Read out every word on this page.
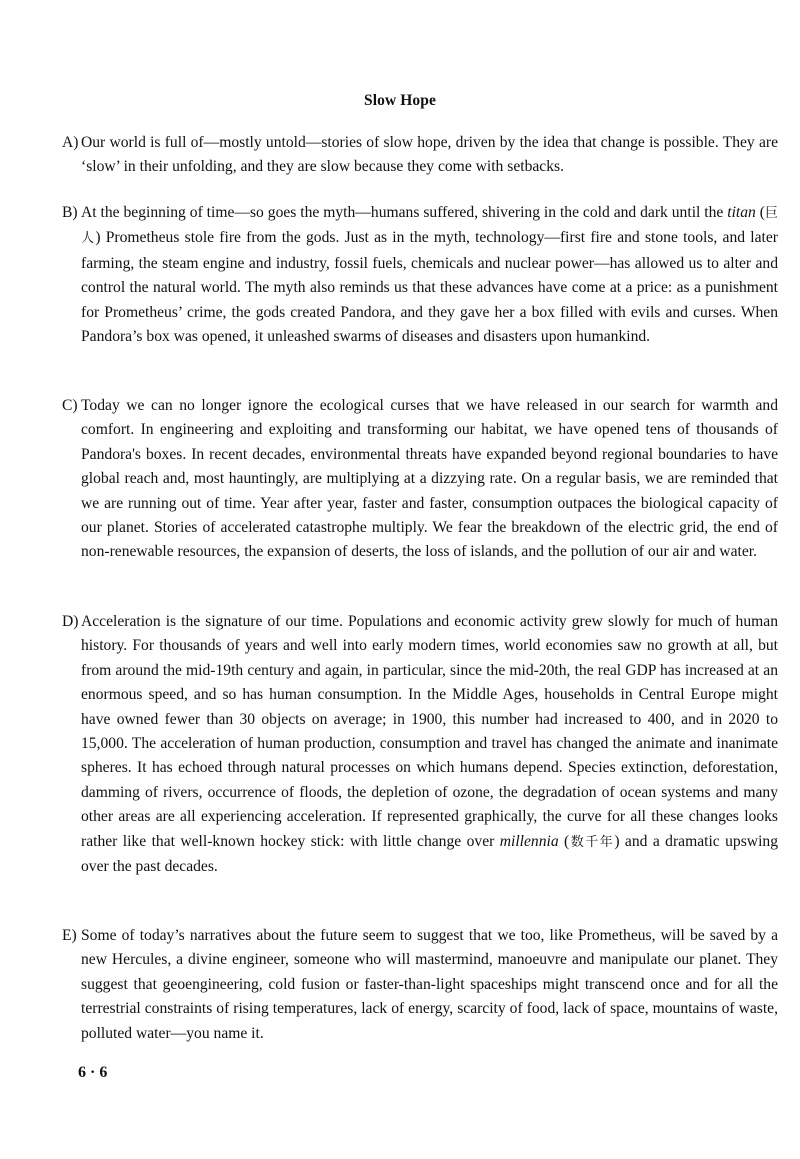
Slow Hope
A) Our world is full of—mostly untold—stories of slow hope, driven by the idea that change is possible. They are ‘slow’ in their unfolding, and they are slow because they come with setbacks.
B) At the beginning of time—so goes the myth—humans suffered, shivering in the cold and dark until the titan (巨人) Prometheus stole fire from the gods. Just as in the myth, technology—first fire and stone tools, and later farming, the steam engine and industry, fossil fuels, chemicals and nuclear power—has allowed us to alter and control the natural world. The myth also reminds us that these advances have come at a price: as a punishment for Prometheus’ crime, the gods created Pandora, and they gave her a box filled with evils and curses. When Pandora’s box was opened, it unleashed swarms of diseases and disasters upon humankind.
C) Today we can no longer ignore the ecological curses that we have released in our search for warmth and comfort. In engineering and exploiting and transforming our habitat, we have opened tens of thousands of Pandora's boxes. In recent decades, environmental threats have expanded beyond regional boundaries to have global reach and, most hauntingly, are multiplying at a dizzying rate. On a regular basis, we are reminded that we are running out of time. Year after year, faster and faster, consumption outpaces the biological capacity of our planet. Stories of accelerated catastrophe multiply. We fear the breakdown of the electric grid, the end of non-renewable resources, the expansion of deserts, the loss of islands, and the pollution of our air and water.
D) Acceleration is the signature of our time. Populations and economic activity grew slowly for much of human history. For thousands of years and well into early modern times, world economies saw no growth at all, but from around the mid-19th century and again, in particular, since the mid-20th, the real GDP has increased at an enormous speed, and so has human consumption. In the Middle Ages, households in Central Europe might have owned fewer than 30 objects on average; in 1900, this number had increased to 400, and in 2020 to 15,000. The acceleration of human production, consumption and travel has changed the animate and inanimate spheres. It has echoed through natural processes on which humans depend. Species extinction, deforestation, damming of rivers, occurrence of floods, the depletion of ozone, the degradation of ocean systems and many other areas are all experiencing acceleration. If represented graphically, the curve for all these changes looks rather like that well-known hockey stick: with little change over millennia (数千年) and a dramatic upswing over the past decades.
E) Some of today’s narratives about the future seem to suggest that we too, like Prometheus, will be saved by a new Hercules, a divine engineer, someone who will mastermind, manoeuvre and manipulate our planet. They suggest that geoengineering, cold fusion or faster-than-light spaceships might transcend once and for all the terrestrial constraints of rising temperatures, lack of energy, scarcity of food, lack of space, mountains of waste, polluted water—you name it.
6 · 6
